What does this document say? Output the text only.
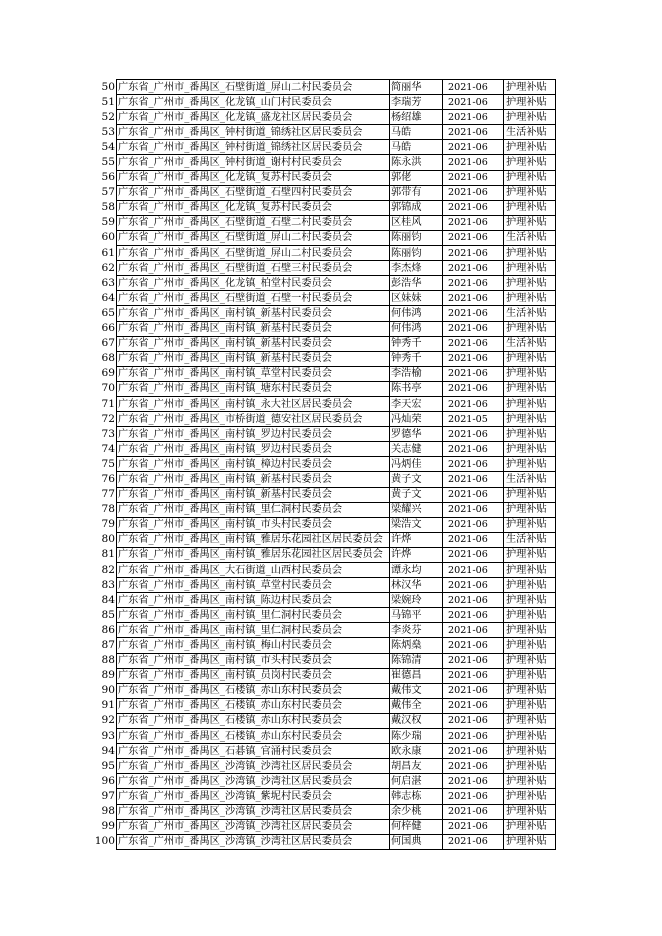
50	广东省_广州市_番禺区_石壁街道_屏山二村民委员会	简丽华	2021-06	护理补贴
51	广东省_广州市_番禺区_化龙镇_山门村民委员会	李瑞芳	2021-06	护理补贴
52	广东省_广州市_番禺区_化龙镇_盛龙社区居民委员会	杨绍雄	2021-06	护理补贴
53	广东省_广州市_番禺区_钟村街道_锦绣社区居民委员会	马皓	2021-06	生活补贴
54	广东省_广州市_番禺区_钟村街道_锦绣社区居民委员会	马皓	2021-06	护理补贴
55	广东省_广州市_番禺区_钟村街道_谢村村民委员会	陈永洪	2021-06	护理补贴
56	广东省_广州市_番禺区_化龙镇_复苏村民委员会	郭佬	2021-06	护理补贴
57	广东省_广州市_番禺区_石壁街道_石壁四村民委员会	郭带有	2021-06	护理补贴
58	广东省_广州市_番禺区_化龙镇_复苏村民委员会	郭锦成	2021-06	护理补贴
59	广东省_广州市_番禺区_石壁街道_石壁二村民委员会	区桂风	2021-06	护理补贴
60	广东省_广州市_番禺区_石壁街道_屏山二村民委员会	陈丽钧	2021-06	生活补贴
61	广东省_广州市_番禺区_石壁街道_屏山二村民委员会	陈丽钧	2021-06	护理补贴
62	广东省_广州市_番禺区_石壁街道_石壁三村民委员会	李杰烽	2021-06	护理补贴
63	广东省_广州市_番禺区_化龙镇_柏堂村民委员会	彭浩华	2021-06	护理补贴
64	广东省_广州市_番禺区_石壁街道_石壁一村民委员会	区妹妹	2021-06	护理补贴
65	广东省_广州市_番禺区_南村镇_新基村民委员会	何伟鸿	2021-06	生活补贴
66	广东省_广州市_番禺区_南村镇_新基村民委员会	何伟鸿	2021-06	护理补贴
67	广东省_广州市_番禺区_南村镇_新基村民委员会	钟秀千	2021-06	生活补贴
68	广东省_广州市_番禺区_南村镇_新基村民委员会	钟秀千	2021-06	护理补贴
69	广东省_广州市_番禺区_南村镇_草堂村民委员会	李浩榆	2021-06	护理补贴
70	广东省_广州市_番禺区_南村镇_塘东村民委员会	陈书亭	2021-06	护理补贴
71	广东省_广州市_番禺区_南村镇_永大社区居民委员会	李天宏	2021-06	护理补贴
72	广东省_广州市_番禺区_市桥街道_德安社区居民委员会	冯灿荣	2021-05	护理补贴
73	广东省_广州市_番禺区_南村镇_罗边村民委员会	罗德华	2021-06	护理补贴
74	广东省_广州市_番禺区_南村镇_罗边村民委员会	关志健	2021-06	护理补贴
75	广东省_广州市_番禺区_南村镇_樟边村民委员会	冯炳佳	2021-06	护理补贴
76	广东省_广州市_番禺区_南村镇_新基村民委员会	黄子文	2021-06	生活补贴
77	广东省_广州市_番禺区_南村镇_新基村民委员会	黄子文	2021-06	护理补贴
78	广东省_广州市_番禺区_南村镇_里仁洞村民委员会	梁耀兴	2021-06	护理补贴
79	广东省_广州市_番禺区_南村镇_市头村民委员会	梁浩文	2021-06	护理补贴
80	广东省_广州市_番禺区_南村镇_雅居乐花园社区居民委员会	许烨	2021-06	生活补贴
81	广东省_广州市_番禺区_南村镇_雅居乐花园社区居民委员会	许烨	2021-06	护理补贴
82	广东省_广州市_番禺区_大石街道_山西村民委员会	谭永均	2021-06	护理补贴
83	广东省_广州市_番禺区_南村镇_草堂村民委员会	林汉华	2021-06	护理补贴
84	广东省_广州市_番禺区_南村镇_陈边村民委员会	梁婉玲	2021-06	护理补贴
85	广东省_广州市_番禺区_南村镇_里仁洞村民委员会	马锦平	2021-06	护理补贴
86	广东省_广州市_番禺区_南村镇_里仁洞村民委员会	李炎芬	2021-06	护理补贴
87	广东省_广州市_番禺区_南村镇_梅山村民委员会	陈炳燊	2021-06	护理补贴
88	广东省_广州市_番禺区_南村镇_市头村民委员会	陈锦清	2021-06	护理补贴
89	广东省_广州市_番禺区_南村镇_员岗村民委员会	崔德昌	2021-06	护理补贴
90	广东省_广州市_番禺区_石楼镇_赤山东村民委员会	戴伟文	2021-06	护理补贴
91	广东省_广州市_番禺区_石楼镇_赤山东村民委员会	戴伟全	2021-06	护理补贴
92	广东省_广州市_番禺区_石楼镇_赤山东村民委员会	戴汉权	2021-06	护理补贴
93	广东省_广州市_番禺区_石楼镇_赤山东村民委员会	陈少瑞	2021-06	护理补贴
94	广东省_广州市_番禺区_石碁镇_官涌村民委员会	欧永康	2021-06	护理补贴
95	广东省_广州市_番禺区_沙湾镇_沙湾社区居民委员会	胡昌友	2021-06	护理补贴
96	广东省_广州市_番禺区_沙湾镇_沙湾社区居民委员会	何启湛	2021-06	护理补贴
97	广东省_广州市_番禺区_沙湾镇_紫坭村民委员会	韩志栋	2021-06	护理补贴
98	广东省_广州市_番禺区_沙湾镇_沙湾社区居民委员会	余少桃	2021-06	护理补贴
99	广东省_广州市_番禺区_沙湾镇_沙湾社区居民委员会	何梓健	2021-06	护理补贴
100	广东省_广州市_番禺区_沙湾镇_沙湾社区居民委员会	何国典	2021-06	护理补贴
